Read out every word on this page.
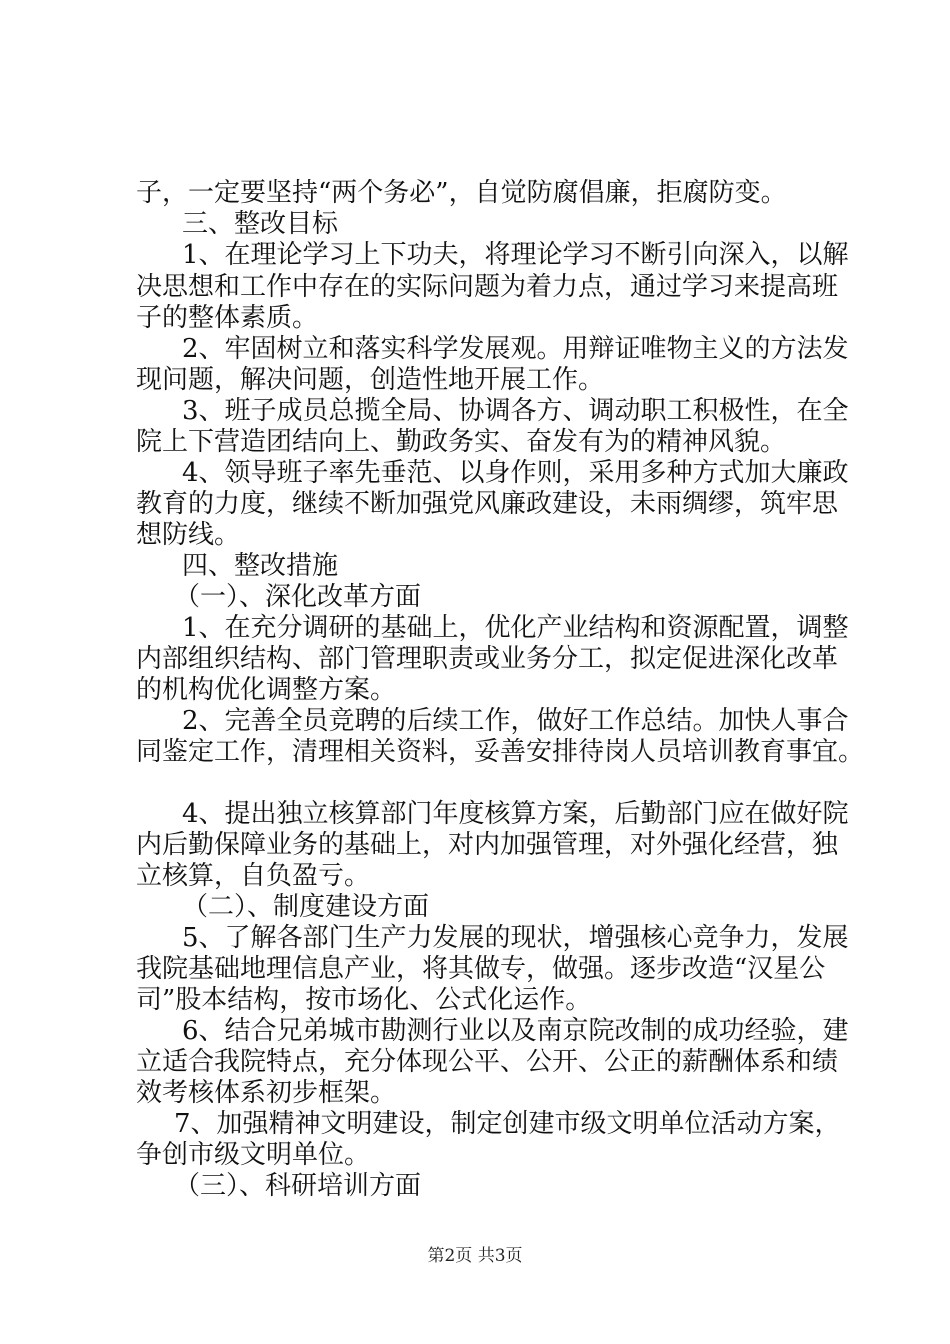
子，一定要坚持“两个务必”，自觉防腐倡廉，拒腐防变。
三、整改目标
1、在理论学习上下功夫，将理论学习不断引向深入，以解
决思想和工作中存在的实际问题为着力点，通过学习来提高班
子的整体素质。
2、牢固树立和落实科学发展观。用辩证唯物主义的方法发
现问题，解决问题，创造性地开展工作。
3、班子成员总揽全局、协调各方、调动职工积极性，在全
院上下营造团结向上、勤政务实、奋发有为的精神风貌。
4、领导班子率先垂范、以身作则，采用多种方式加大廉政
教育的力度，继续不断加强党风廉政建设，未雨绸缪，筑牢思
想防线。
四、整改措施
（一）、深化改革方面
1、在充分调研的基础上，优化产业结构和资源配置，调整
内部组织结构、部门管理职责或业务分工，拟定促进深化改革
的机构优化调整方案。
2、完善全员竞聘的后续工作，做好工作总结。加快人事合
同鉴定工作，清理相关资料，妥善安排待岗人员培训教育事宜。
4、提出独立核算部门年度核算方案，后勤部门应在做好院
内后勤保障业务的基础上，对内加强管理，对外强化经营，独
立核算，自负盈亏。
（二）、制度建设方面
5、了解各部门生产力发展的现状，增强核心竞争力，发展
我院基础地理信息产业，将其做专，做强。逐步改造“汉星公
司”股本结构，按市场化、公式化运作。
6、结合兄弟城市勘测行业以及南京院改制的成功经验，建
立适合我院特点，充分体现公平、公开、公正的薪酬体系和绩
效考核体系初步框架。
7、加强精神文明建设，制定创建市级文明单位活动方案，
争创市级文明单位。
（三）、科研培训方面
第2页 共3页
